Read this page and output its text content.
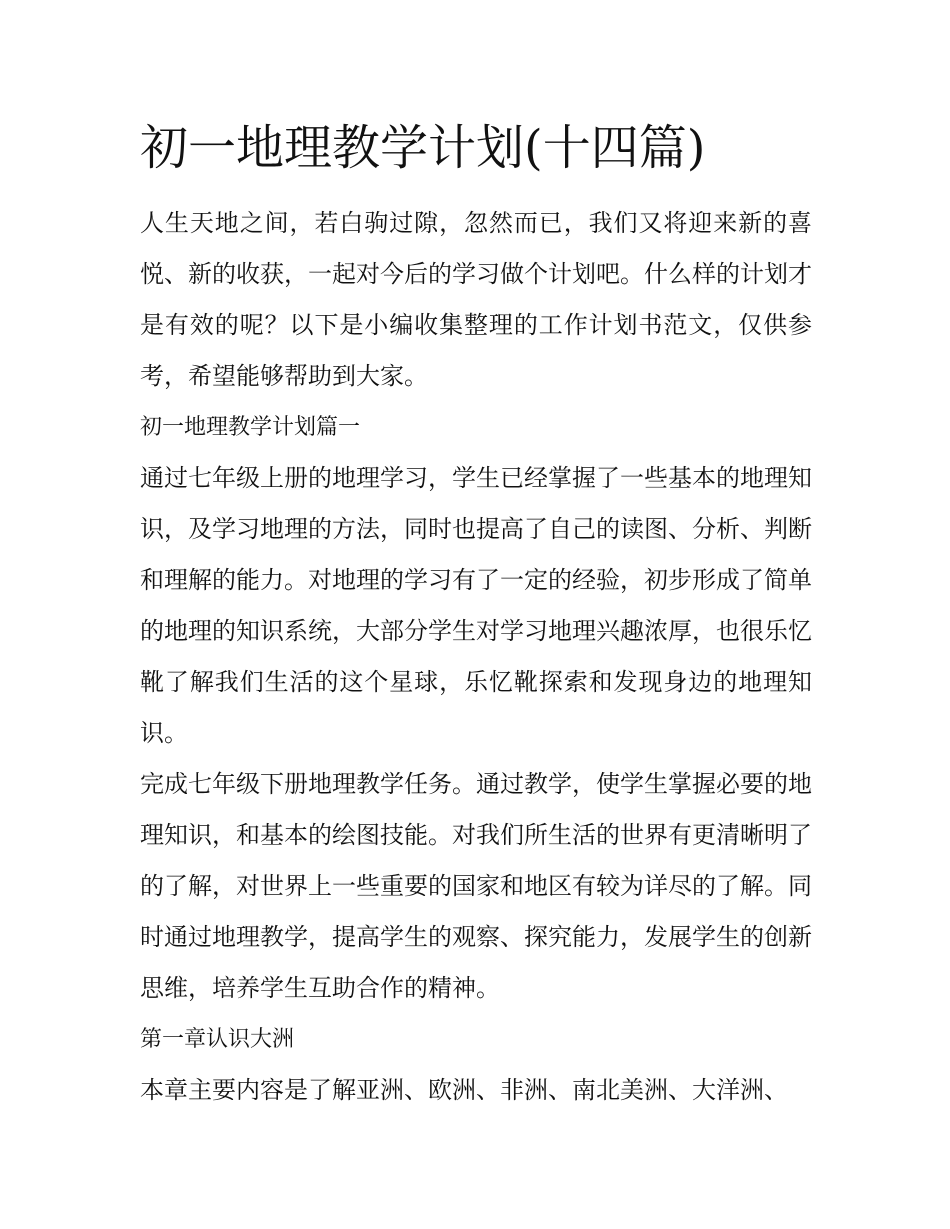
初一地理教学计划(十四篇)

人生天地之间，若白驹过隙，忽然而已，我们又将迎来新的喜悦、新的收获，一起对今后的学习做个计划吧。什么样的计划才是有效的呢？以下是小编收集整理的工作计划书范文，仅供参考，希望能够帮助到大家。

初一地理教学计划篇一

通过七年级上册的地理学习，学生已经掌握了一些基本的地理知识，及学习地理的方法，同时也提高了自己的读图、分析、判断和理解的能力。对地理的学习有了一定的经验，初步形成了简单的地理的知识系统，大部分学生对学习地理兴趣浓厚，也很乐忆靴了解我们生活的这个星球，乐忆靴探索和发现身边的地理知识。

完成七年级下册地理教学任务。通过教学，使学生掌握必要的地理知识，和基本的绘图技能。对我们所生活的世界有更清晰明了的了解，对世界上一些重要的国家和地区有较为详尽的了解。同时通过地理教学，提高学生的观察、探究能力，发展学生的创新思维，培养学生互助合作的精神。

第一章认识大洲

本章主要内容是了解亚洲、欧洲、非洲、南北美洲、大洋洲、
